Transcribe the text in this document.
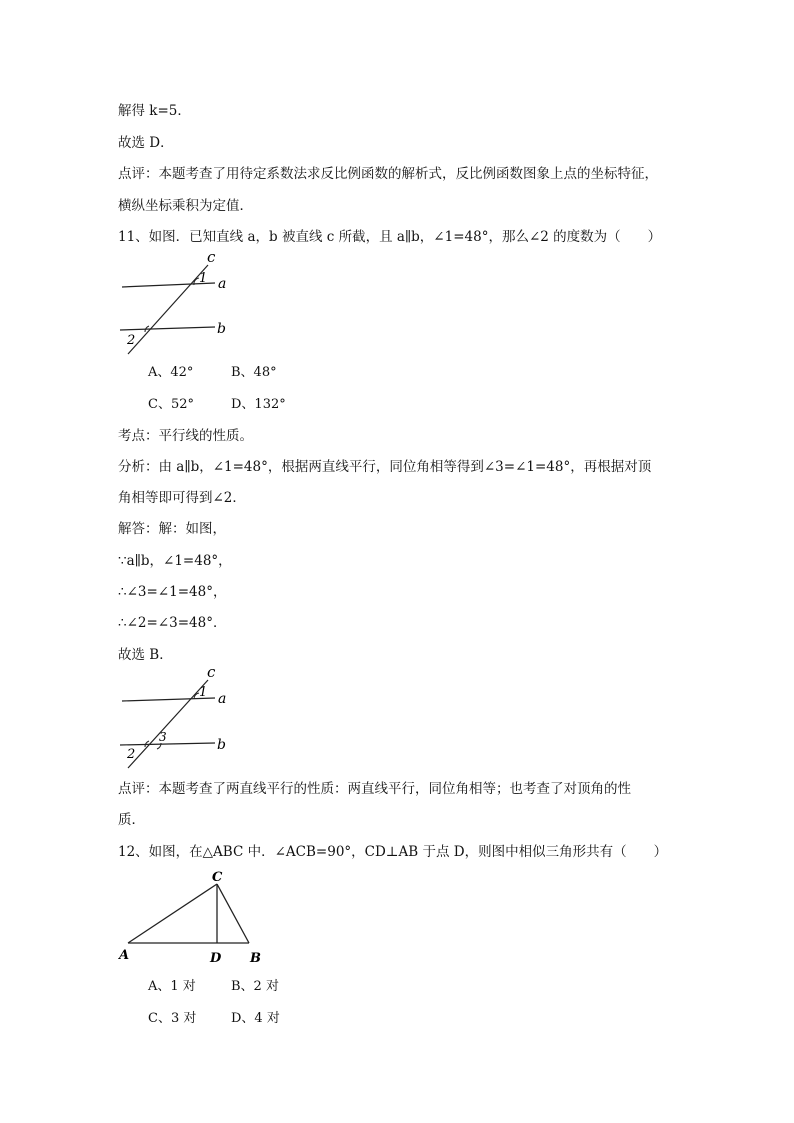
解得 k=5．
故选 D．
点评：本题考查了用待定系数法求反比例函数的解析式，反比例函数图象上点的坐标特征，
横纵坐标乘积为定值．
11、如图．已知直线 a，b 被直线 c 所截，且 a∥b，∠1=48°，那么∠2 的度数为（　　）
c
1 a
b
2
A、42°	B、48°
C、52°	D、132°
考点：平行线的性质。
分析：由 a∥b，∠1=48°，根据两直线平行，同位角相等得到∠3=∠1=48°，再根据对顶
角相等即可得到∠2．
解答：解：如图，
∵a∥b，∠1=48°，
∴∠3=∠1=48°，
∴∠2=∠3=48°．
故选 B．
c
1 a
3	b
2
点评：本题考查了两直线平行的性质：两直线平行，同位角相等；也考查了对顶角的性
质．
12、如图，在△ABC 中．∠ACB=90°，CD⊥AB 于点 D，则图中相似三角形共有（　　）
C
A	D B
A、1 对	B、2 对
C、3 对	D、4 对
